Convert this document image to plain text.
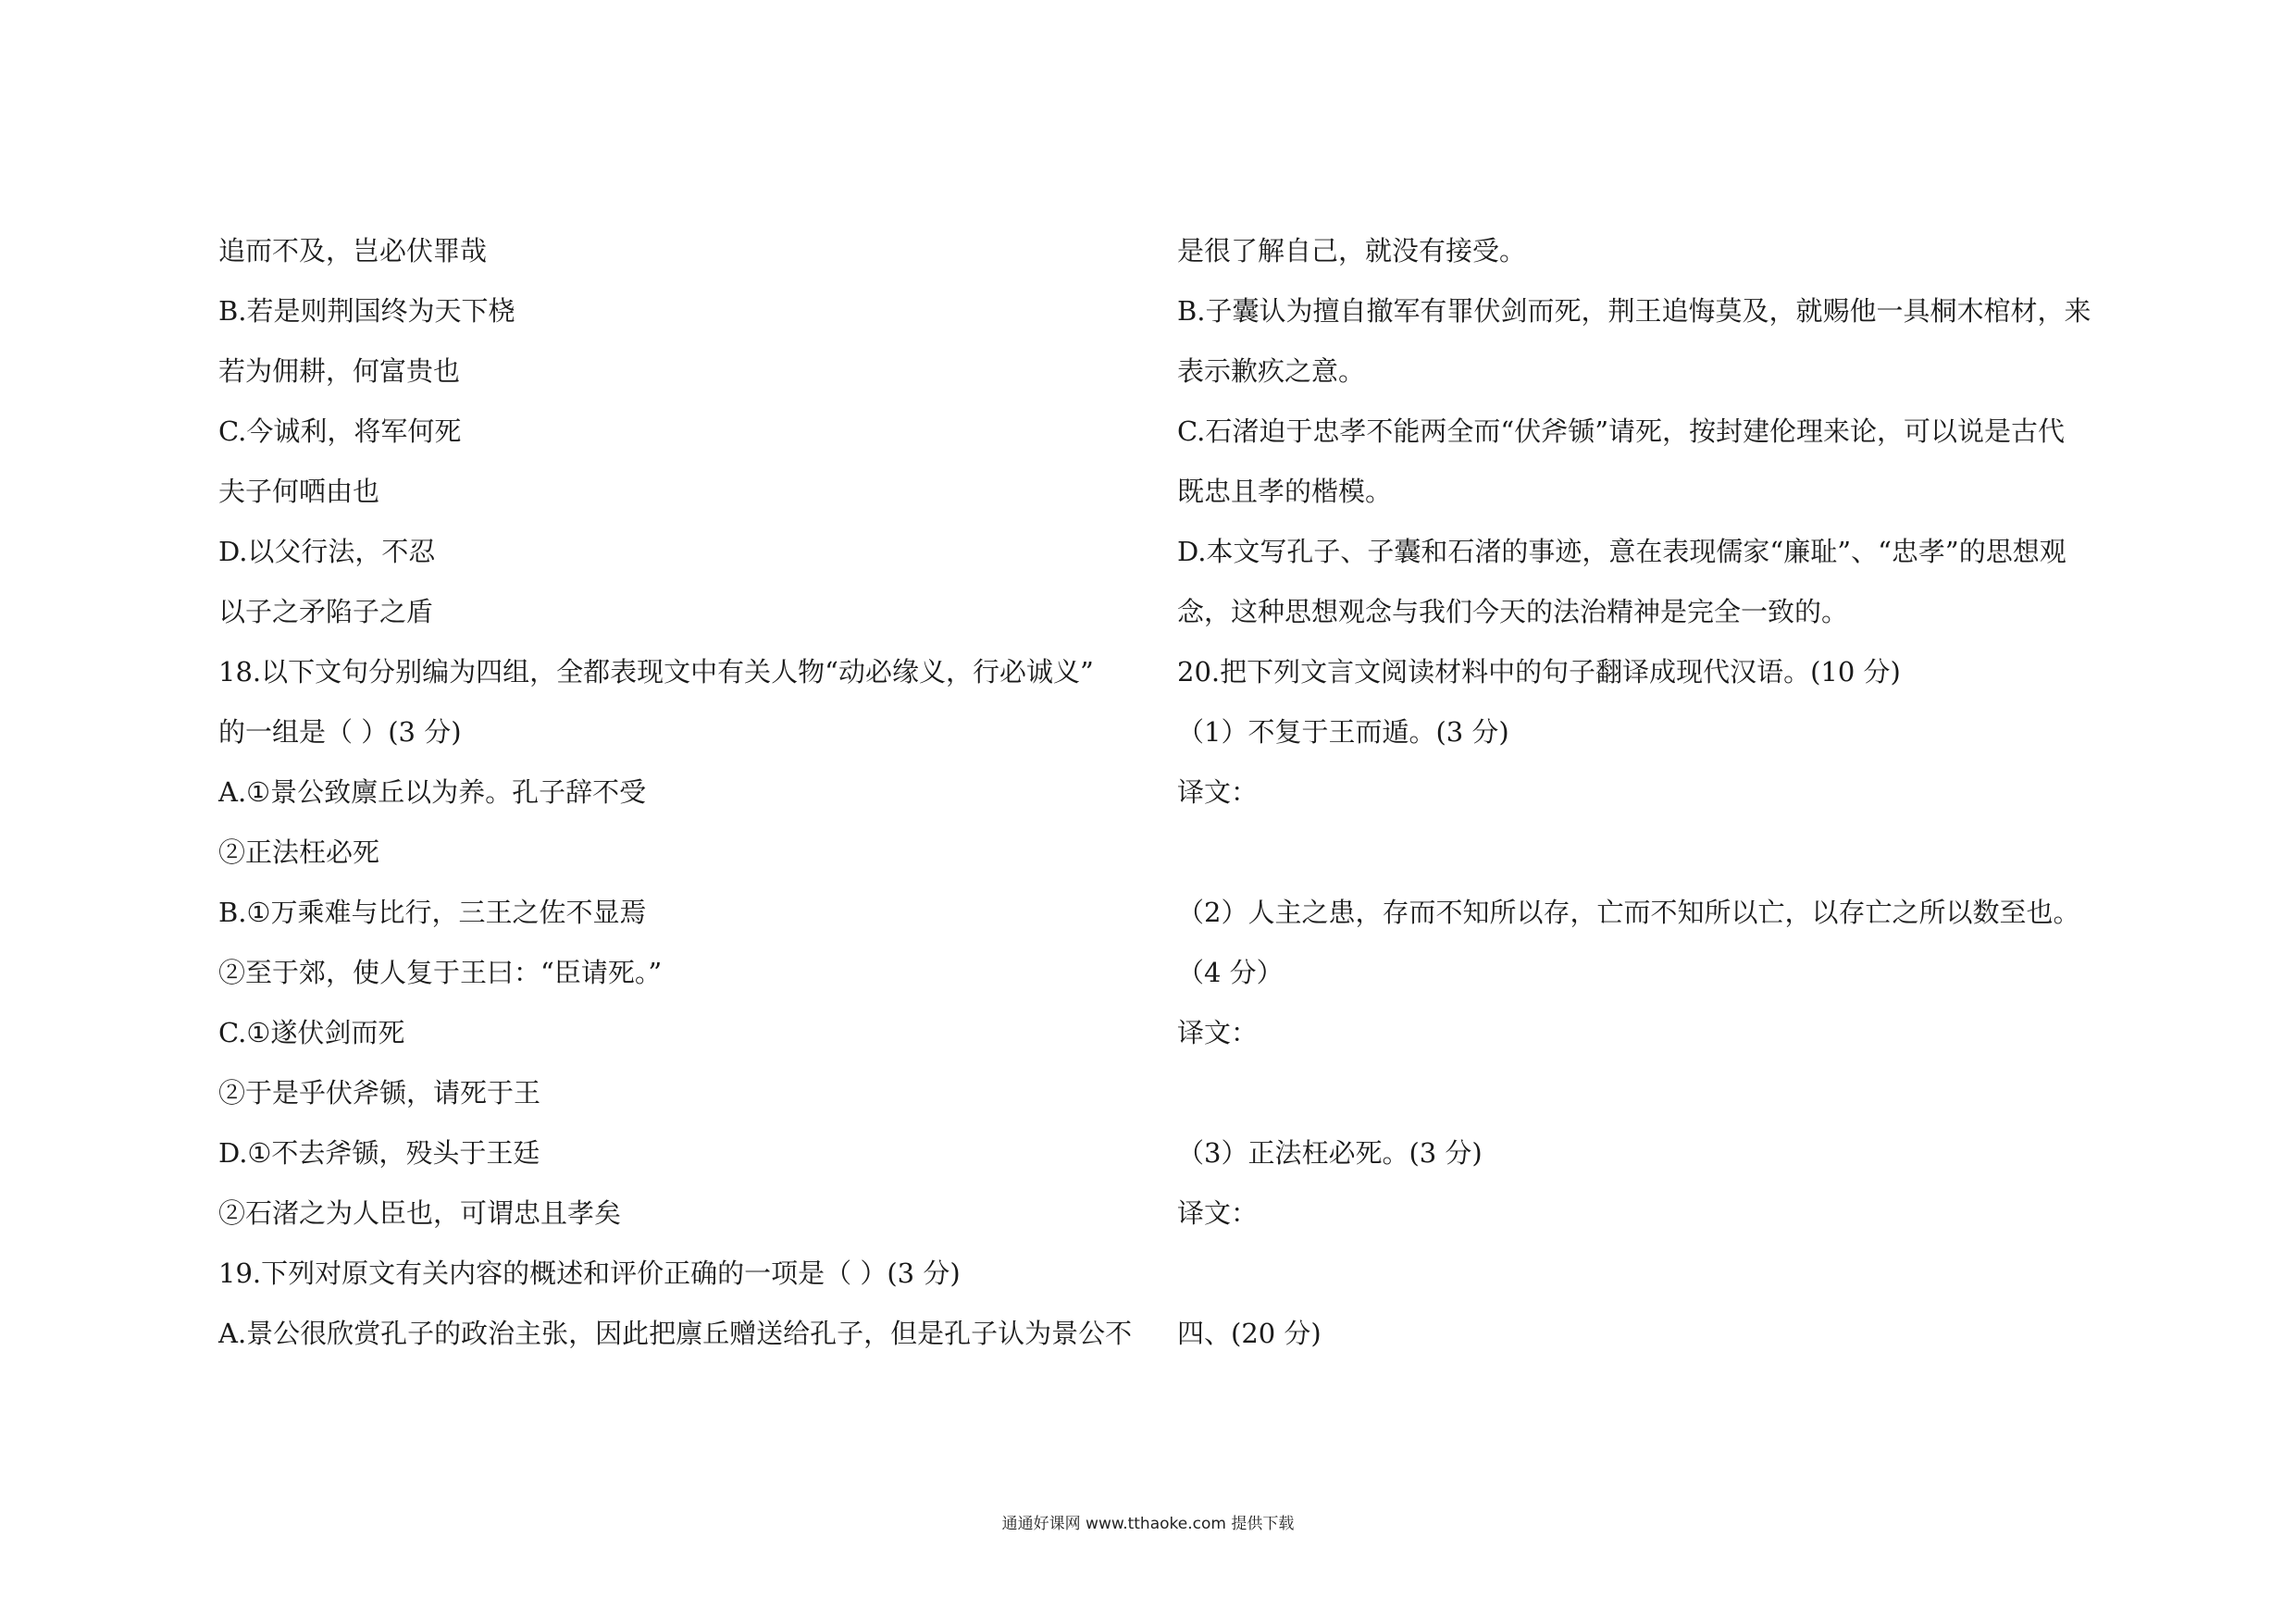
追而不及，岂必伏罪哉
B.若是则荆国终为天下桡
若为佣耕，何富贵也
C.今诚利，将军何死
夫子何哂由也
D.以父行法，不忍
以子之矛陷子之盾
18.以下文句分别编为四组，全都表现文中有关人物“动必缘义，行必诚义”
的一组是（ ）(3 分)
A.①景公致廪丘以为养。孔子辞不受
②正法枉必死
B.①万乘难与比行，三王之佐不显焉
②至于郊，使人复于王曰：“臣请死。”
C.①遂伏剑而死
②于是乎伏斧锧，请死于王
D.①不去斧锧，殁头于王廷
②石渚之为人臣也，可谓忠且孝矣
19.下列对原文有关内容的概述和评价正确的一项是（ ）(3 分)
A.景公很欣赏孔子的政治主张，因此把廪丘赠送给孔子，但是孔子认为景公不
是很了解自己，就没有接受。
B.子囊认为擅自撤军有罪伏剑而死，荆王追悔莫及，就赐他一具桐木棺材，来
表示歉疚之意。
C.石渚迫于忠孝不能两全而“伏斧锧”请死，按封建伦理来论，可以说是古代
既忠且孝的楷模。
D.本文写孔子、子囊和石渚的事迹，意在表现儒家“廉耻”、“忠孝”的思想观
念，这种思想观念与我们今天的法治精神是完全一致的。
20.把下列文言文阅读材料中的句子翻译成现代汉语。(10 分)
（1）不复于王而遁。(3 分)
译文：
（2）人主之患，存而不知所以存，亡而不知所以亡，以存亡之所以数至也。
（4 分）
译文：
（3）正法枉必死。(3 分)
译文：
四、(20 分)
通通好课网 www.tthaoke.com 提供下载
